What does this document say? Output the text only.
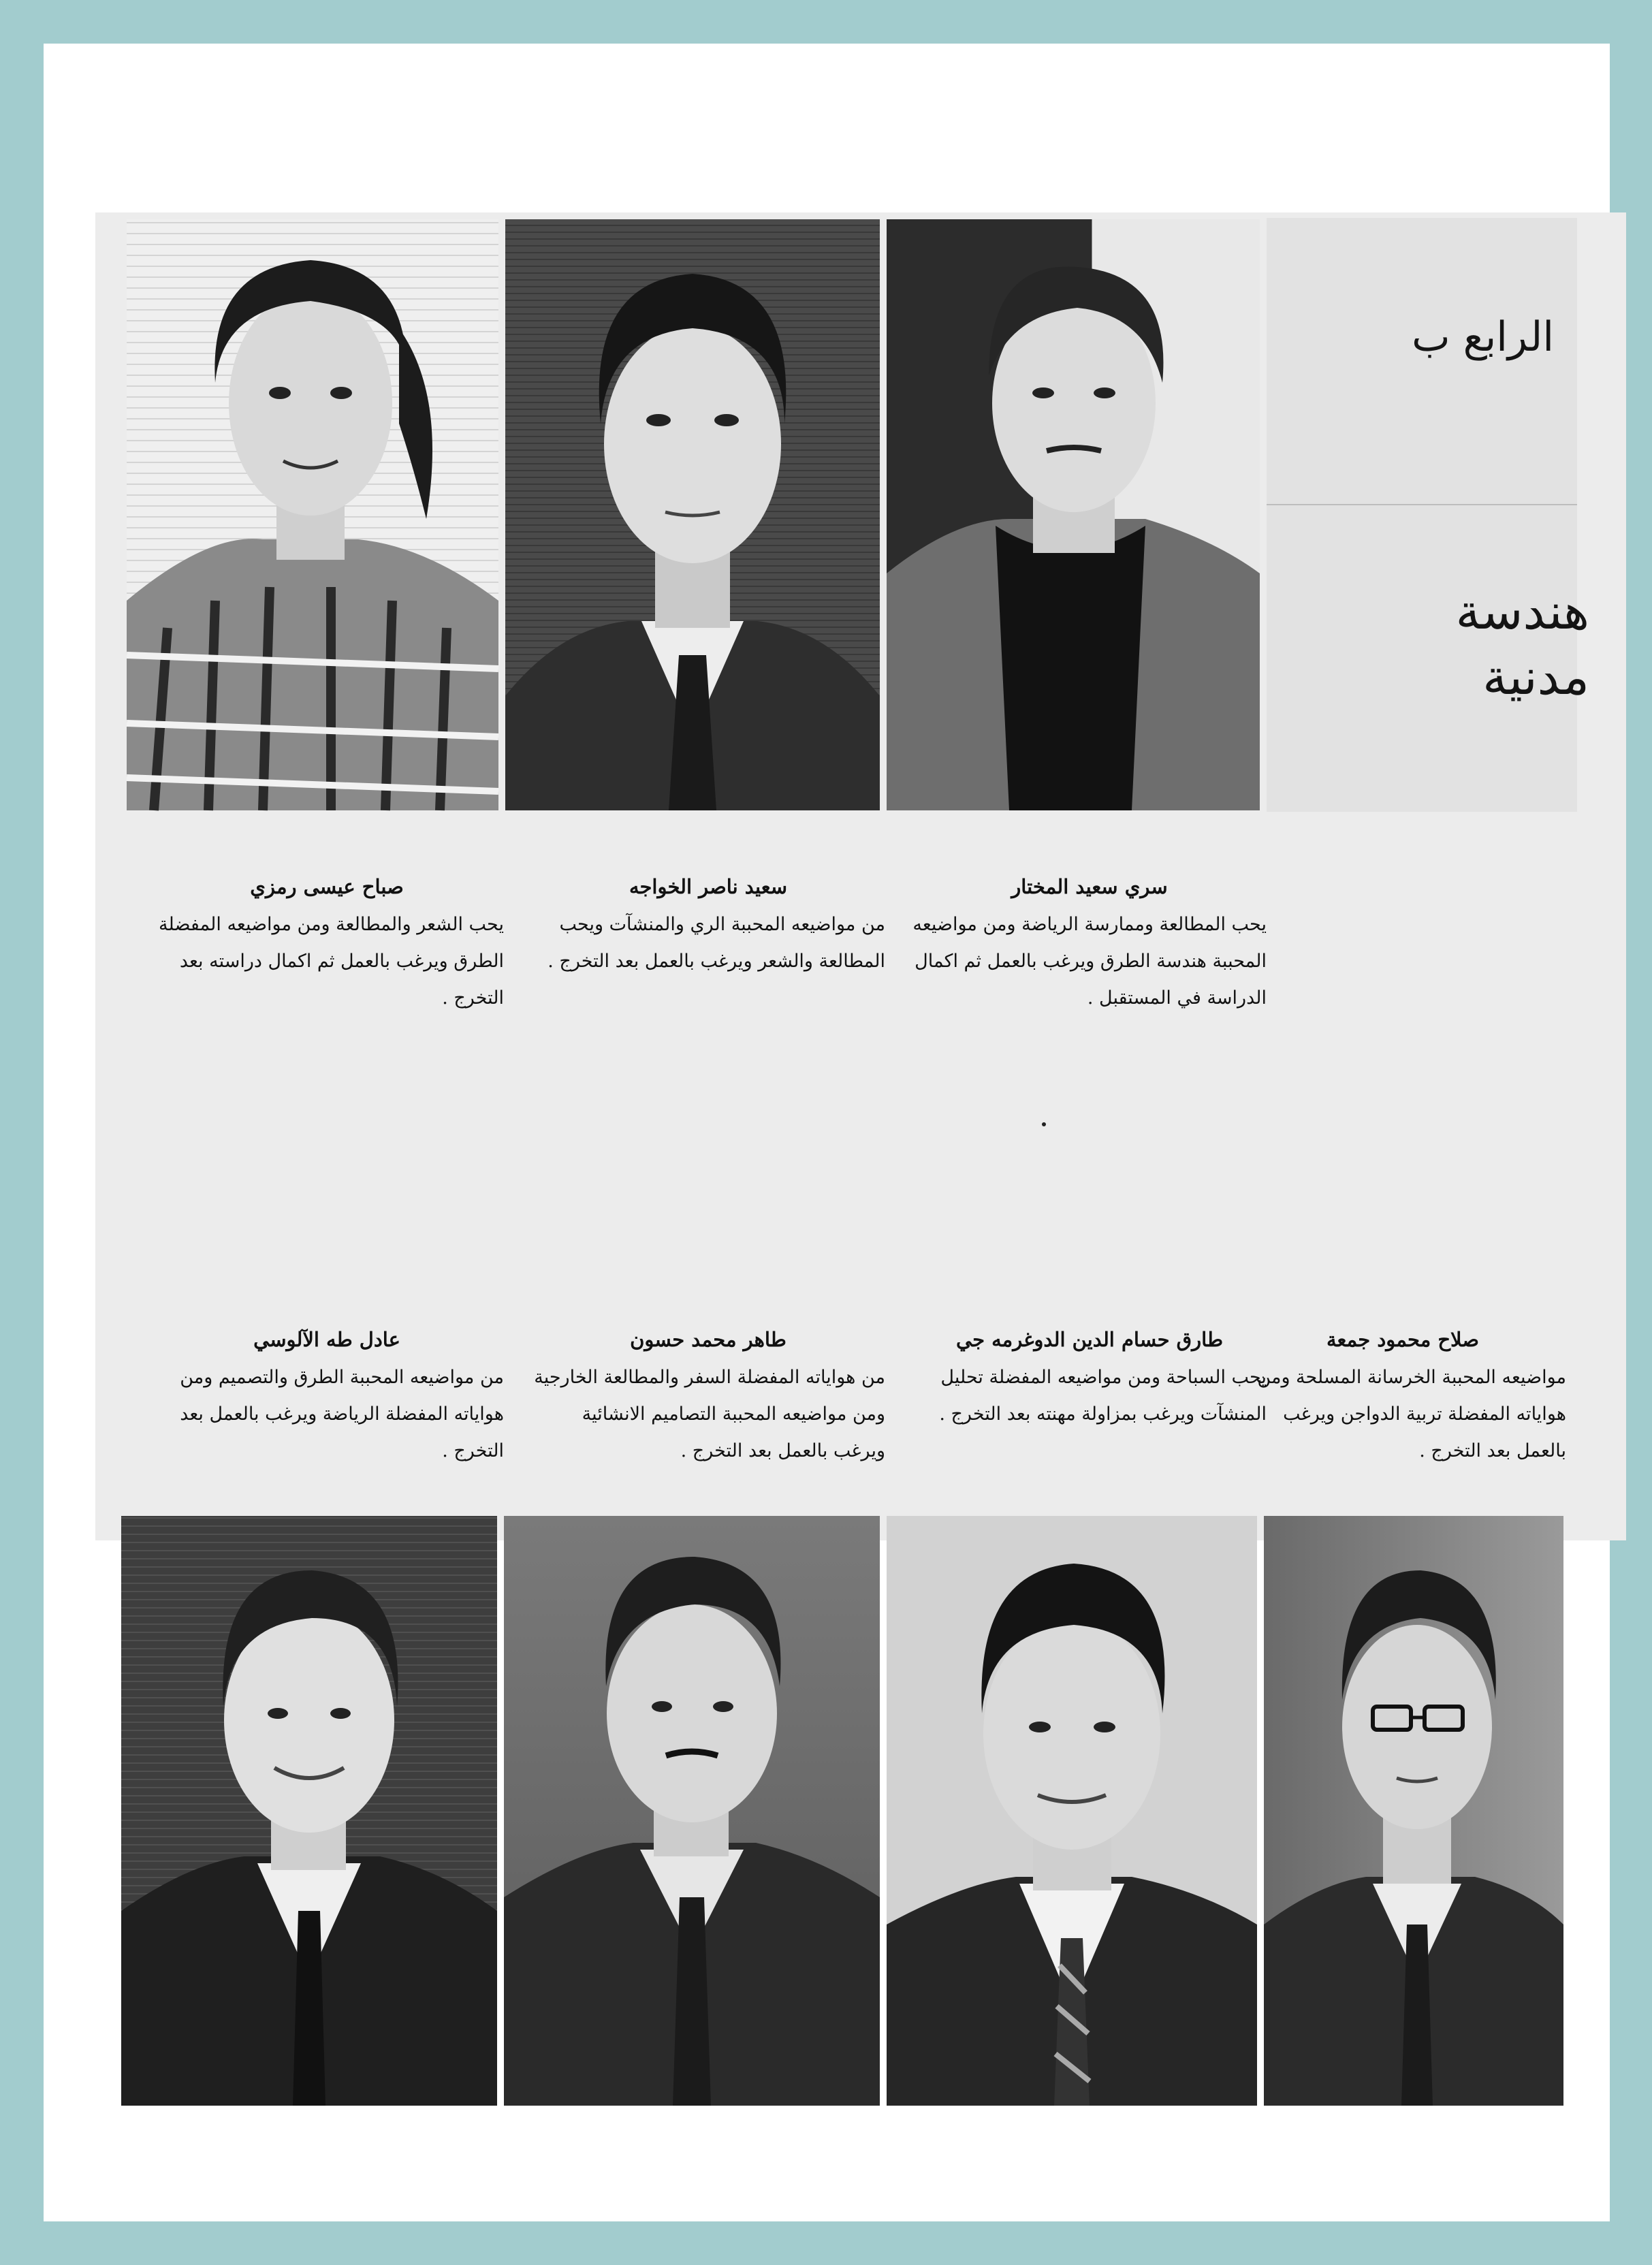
الرابع ب
هندسة
مدنية
صباح عيسى رمزي
يحب الشعر والمطالعة ومن مواضيعه المفضلة الطرق ويرغب بالعمل ثم اكمال دراسته بعد التخرج .
سعيد ناصر الخواجه
من مواضيعه المحببة الري والمنشآت ويحب المطالعة والشعر ويرغب بالعمل بعد التخرج .
سري سعيد المختار
يحب المطالعة وممارسة الرياضة ومن مواضيعه المحببة هندسة الطرق ويرغب بالعمل ثم اكمال الدراسة في المستقبل .
عادل طه الآلوسي
من مواضيعه المحببة الطرق والتصميم ومن هواياته المفضلة الرياضة ويرغب بالعمل بعد التخرج .
طاهر محمد حسون
من هواياته المفضلة السفر والمطالعة الخارجية ومن مواضيعه المحببة التصاميم الانشائية ويرغب بالعمل بعد التخرج .
طارق حسام الدين الدوغرمه جي
يحب السباحة ومن مواضيعه المفضلة تحليل المنشآت ويرغب بمزاولة مهنته بعد التخرج .
صلاح محمود جمعة
مواضيعه المحببة الخرسانة المسلحة ومن هواياته المفضلة تربية الدواجن ويرغب بالعمل بعد التخرج .
